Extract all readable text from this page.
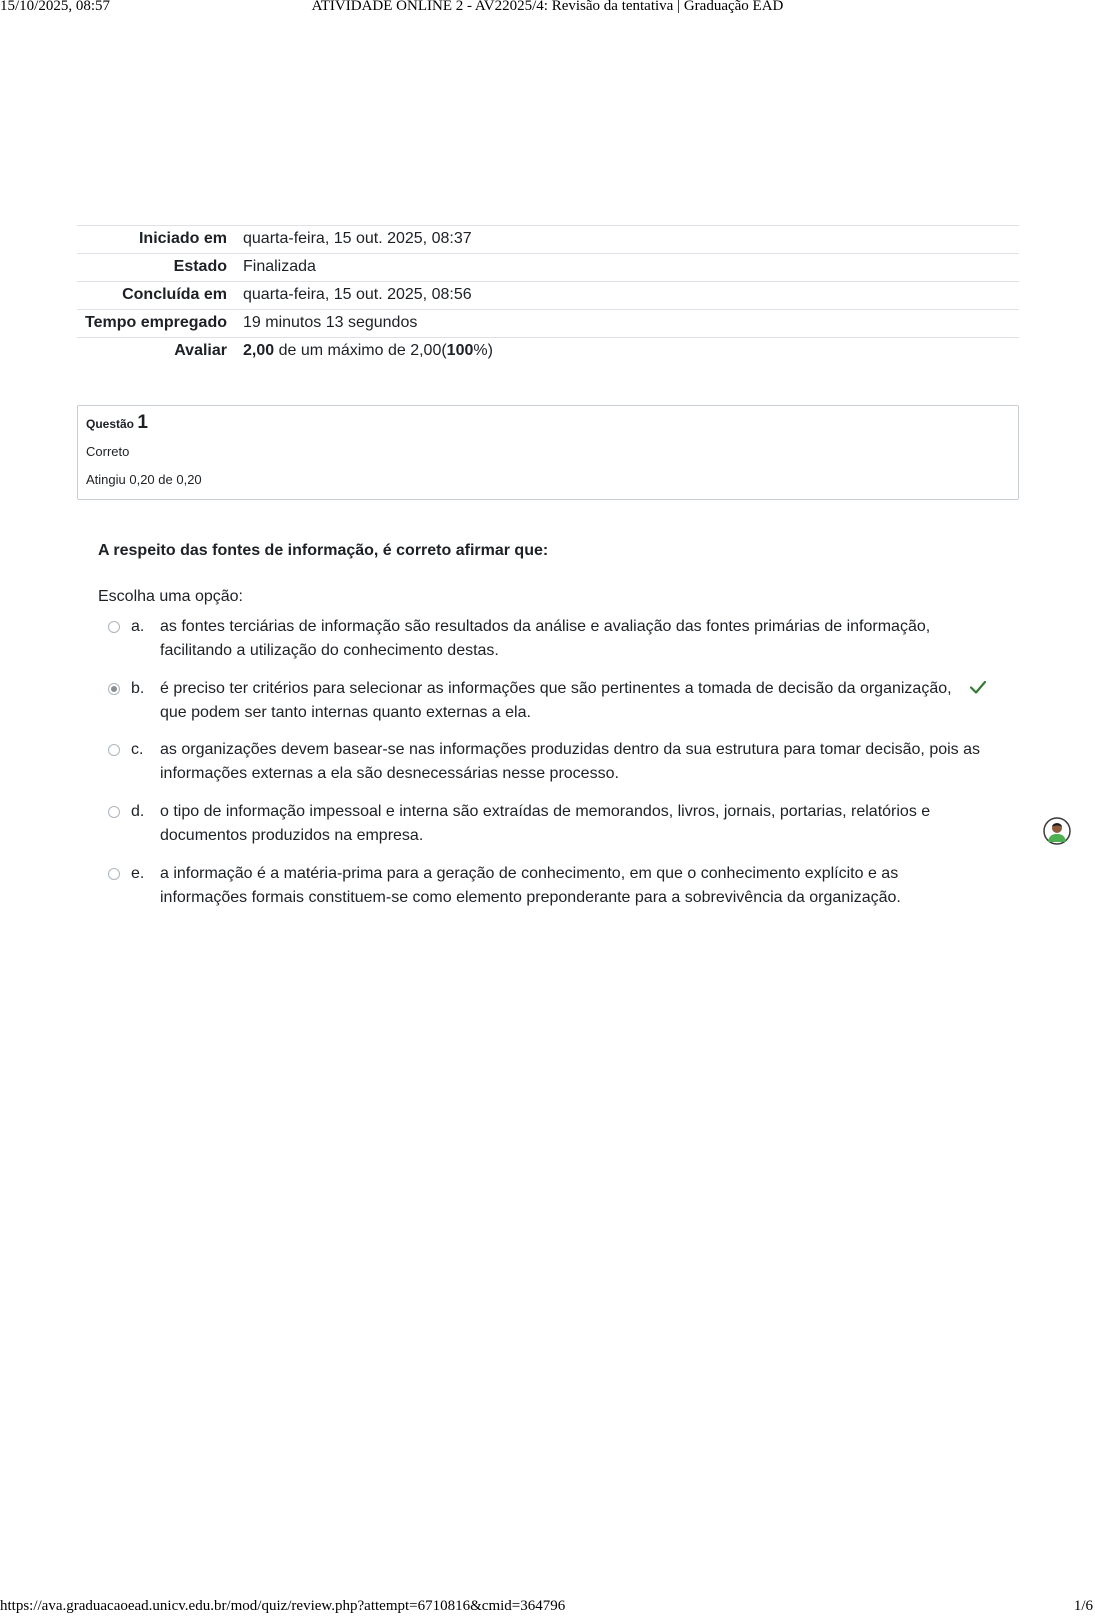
15/10/2025, 08:57	ATIVIDADE ONLINE 2 - AV22025/4: Revisão da tentativa | Graduação EAD
Iniciado em	quarta-feira, 15 out. 2025, 08:37
Estado	Finalizada
Concluída em	quarta-feira, 15 out. 2025, 08:56
Tempo empregado	19 minutos 13 segundos
Avaliar	2,00 de um máximo de 2,00(100%)
Questão 1
Correto
Atingiu 0,20 de 0,20
A respeito das fontes de informação, é correto afirmar que:
Escolha uma opção:
a. as fontes terciárias de informação são resultados da análise e avaliação das fontes primárias de informação, facilitando a utilização do conhecimento destas.
b. é preciso ter critérios para selecionar as informações que são pertinentes a tomada de decisão da organização, que podem ser tanto internas quanto externas a ela.
c. as organizações devem basear-se nas informações produzidas dentro da sua estrutura para tomar decisão, pois as informações externas a ela são desnecessárias nesse processo.
d. o tipo de informação impessoal e interna são extraídas de memorandos, livros, jornais, portarias, relatórios e documentos produzidos na empresa.
e. a informação é a matéria-prima para a geração de conhecimento, em que o conhecimento explícito e as informações formais constituem-se como elemento preponderante para a sobrevivência da organização.
https://ava.graduacaoead.unicv.edu.br/mod/quiz/review.php?attempt=6710816&cmid=364796	1/6
